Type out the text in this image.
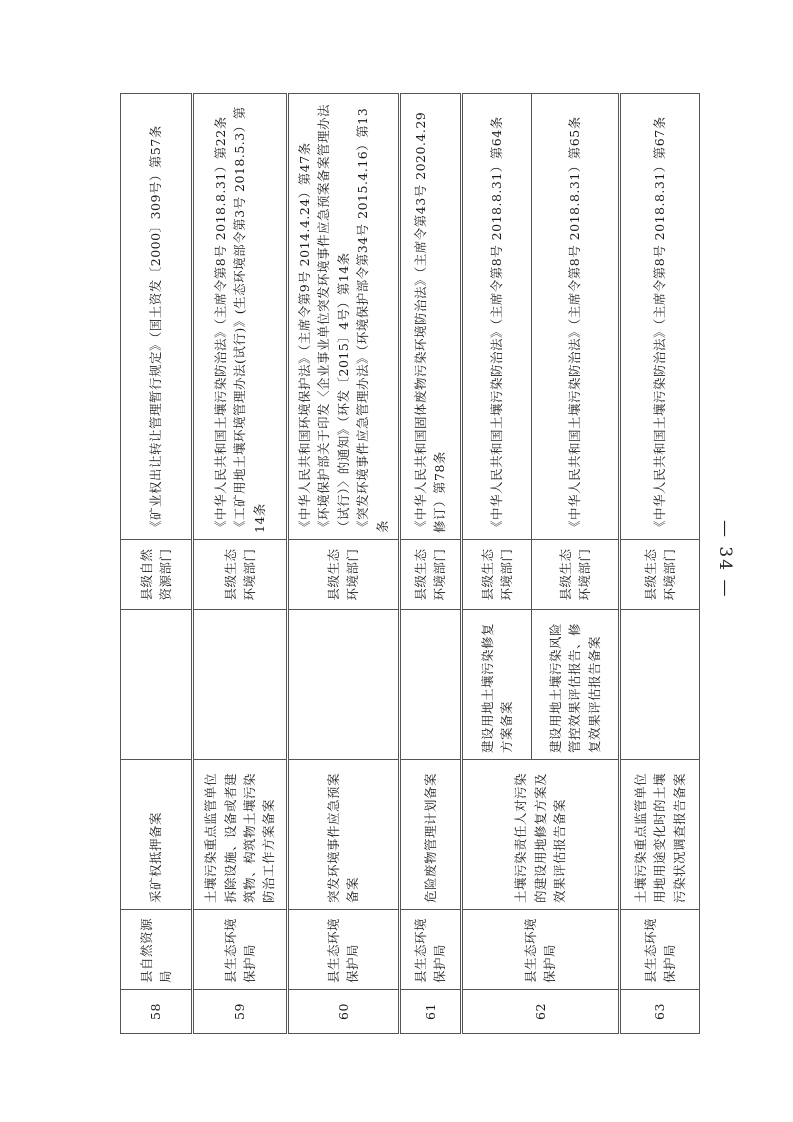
58	县自然资源局	采矿权抵押备案		县级自然资源部门	《矿业权出让转让管理暂行规定》（国土资发〔2000〕309号）第57条

59	县生态环境保护局	土壤污染重点监管单位拆除设施、设备或者建筑物、构筑物土壤污染防治工作方案备案		县级生态环境部门	《中华人民共和国土壤污染防治法》（主席令第8号 2018.8.31）第22条 《工矿用地土壤环境管理办法(试行)》(生态环境部令第3号 2018.5.3）第14条

60	县生态环境保护局	突发环境事件应急预案备案		县级生态环境部门	《中华人民共和国环境保护法》（主席令第9号 2014.4.24）第47条 《环境保护部关于印发〈企业事业单位突发环境事件应急预案备案管理办法（试行）〉的通知》（环发〔2015〕4号）第14条 《突发环境事件应急管理办法》（环境保护部令第34号 2015.4.16）第13条

61	县生态环境保护局	危险废物管理计划备案		县级生态环境部门	《中华人民共和国固体废物污染环境防治法》（主席令第43号 2020.4.29修订）第78条

62	县生态环境保护局	土壤污染责任人对污染的建设用地修复方案及效果评估报告备案	建设用地土壤污染修复方案备案	县级生态环境部门	《中华人民共和国土壤污染防治法》（主席令第8号 2018.8.31）第64条

			建设用地土壤污染风险管控效果评估报告、修复效果评估报告备案	县级生态环境部门	《中华人民共和国土壤污染防治法》（主席令第8号 2018.8.31）第65条

63	县生态环境保护局	土壤污染重点监管单位用地用途变化时的土壤污染状况调查报告备案		县级生态环境部门	《中华人民共和国土壤污染防治法》（主席令第8号 2018.8.31）第67条
— 34 —
